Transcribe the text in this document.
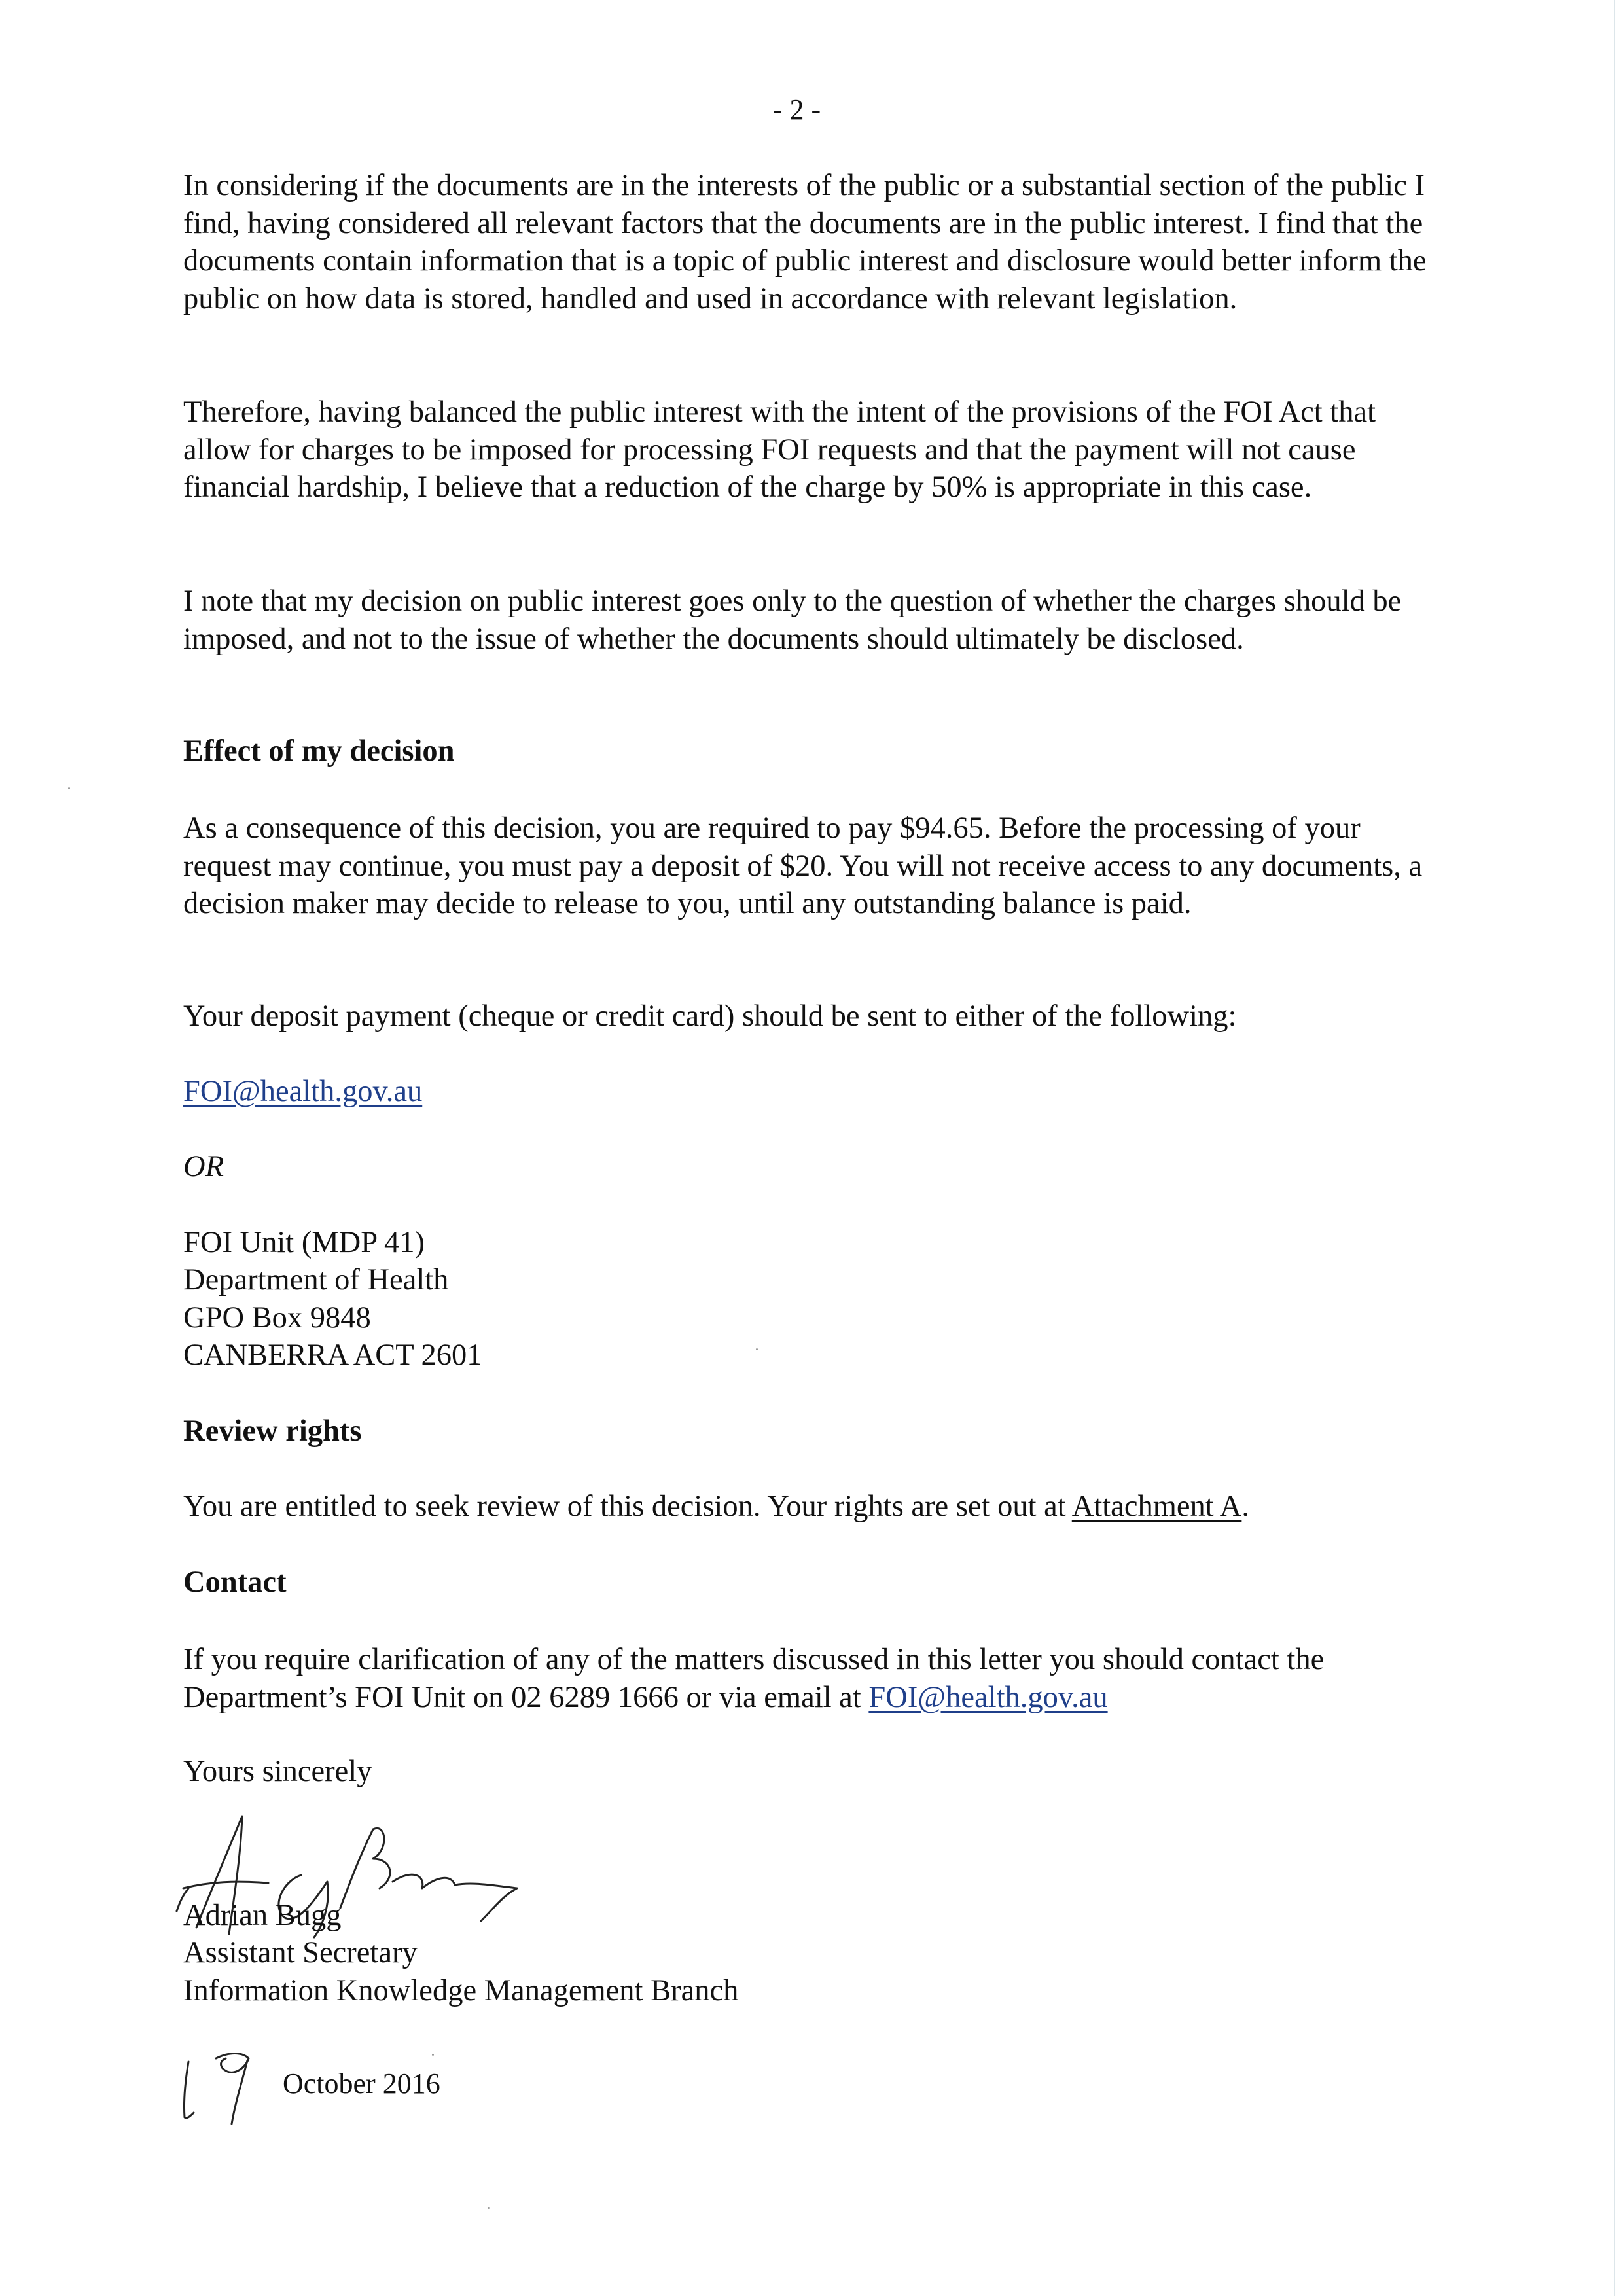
- 2 -

In considering if the documents are in the interests of the public or a substantial section of the public I find, having considered all relevant factors that the documents are in the public interest. I find that the documents contain information that is a topic of public interest and disclosure would better inform the public on how data is stored, handled and used in accordance with relevant legislation.

Therefore, having balanced the public interest with the intent of the provisions of the FOI Act that allow for charges to be imposed for processing FOI requests and that the payment will not cause financial hardship, I believe that a reduction of the charge by 50% is appropriate in this case.

I note that my decision on public interest goes only to the question of whether the charges should be imposed, and not to the issue of whether the documents should ultimately be disclosed.

Effect of my decision

As a consequence of this decision, you are required to pay $94.65. Before the processing of your request may continue, you must pay a deposit of $20. You will not receive access to any documents, a decision maker may decide to release to you, until any outstanding balance is paid.

Your deposit payment (cheque or credit card) should be sent to either of the following:
FOI@health.gov.au
OR
FOI Unit (MDP 41)
Department of Health
GPO Box 9848
CANBERRA ACT 2601
Review rights
You are entitled to seek review of this decision. Your rights are set out at Attachment A.
Contact

If you require clarification of any of the matters discussed in this letter you should contact the Department’s FOI Unit on 02 6289 1666 or via email at FOI@health.gov.au

Yours sincerely
Adrian Bugg
Assistant Secretary
Information Knowledge Management Branch
October 2016
